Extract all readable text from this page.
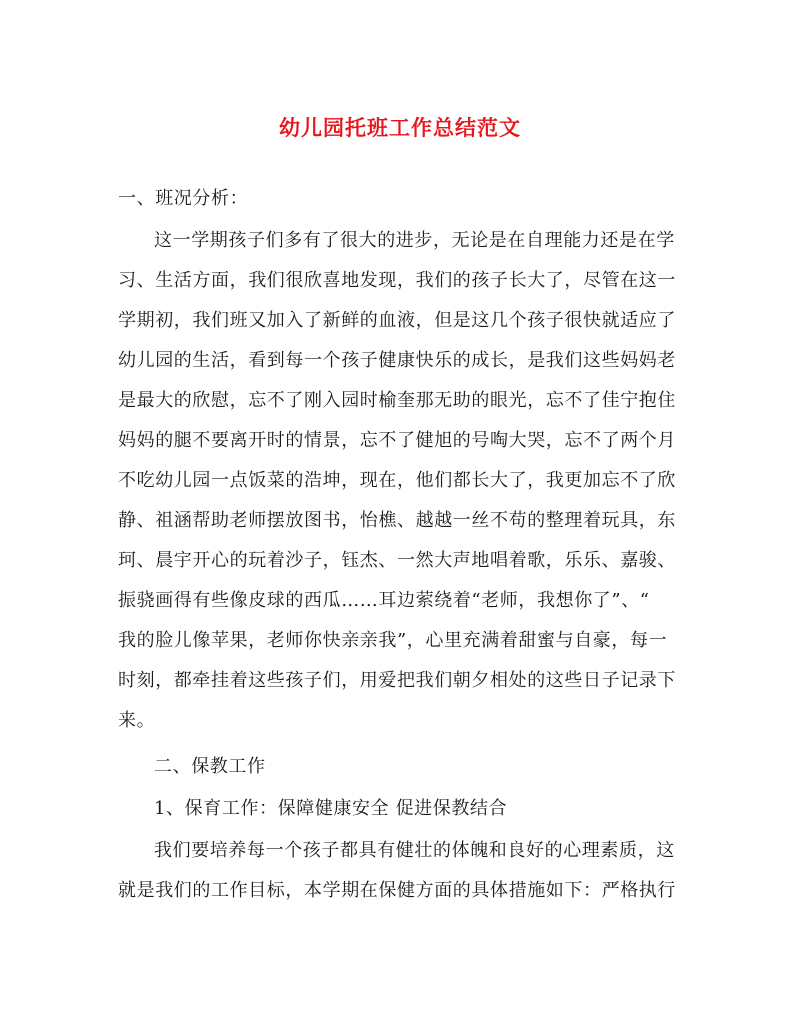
幼儿园托班工作总结范文
一、班况分析：
这一学期孩子们多有了很大的进步，无论是在自理能力还是在学
习、生活方面，我们很欣喜地发现，我们的孩子长大了，尽管在这一
学期初，我们班又加入了新鲜的血液，但是这几个孩子很快就适应了
幼儿园的生活，看到每一个孩子健康快乐的成长，是我们这些妈妈老
是最大的欣慰，忘不了刚入园时榆奎那无助的眼光，忘不了佳宁抱住
妈妈的腿不要离开时的情景，忘不了健旭的号啕大哭，忘不了两个月
不吃幼儿园一点饭菜的浩坤，现在，他们都长大了，我更加忘不了欣
静、祖涵帮助老师摆放图书，怡樵、越越一丝不苟的整理着玩具，东
珂、晨宇开心的玩着沙子，钰杰、一然大声地唱着歌，乐乐、嘉骏、
振骁画得有些像皮球的西瓜……耳边萦绕着“老师，我想你了”、“
我的脸儿像苹果，老师你快亲亲我”，心里充满着甜蜜与自豪，每一
时刻，都牵挂着这些孩子们，用爱把我们朝夕相处的这些日子记录下
来。
二、保教工作
1、保育工作：保障健康安全 促进保教结合
我们要培养每一个孩子都具有健壮的体魄和良好的心理素质，这
就是我们的工作目标，本学期在保健方面的具体措施如下：严格执行
